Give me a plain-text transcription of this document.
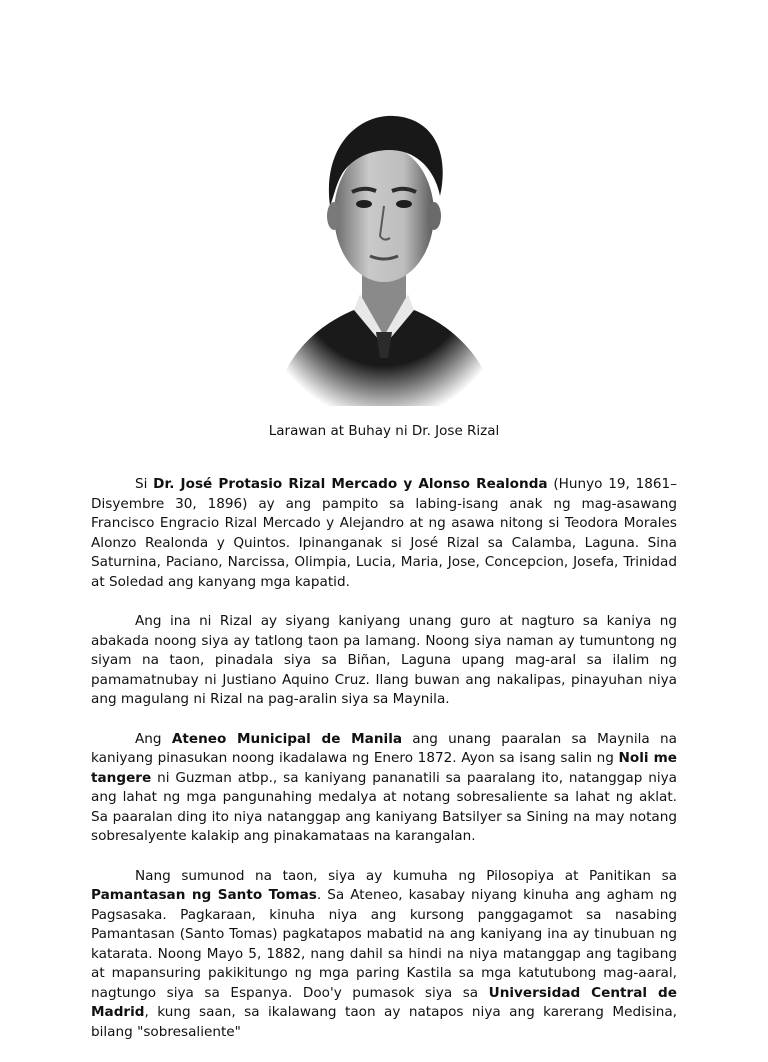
Larawan at Buhay ni Dr. Jose Rizal

Si Dr. José Protasio Rizal Mercado y Alonso Realonda (Hunyo 19, 1861–Disyembre 30, 1896) ay ang pampito sa labing-isang anak ng mag-asawang Francisco Engracio Rizal Mercado y Alejandro at ng asawa nitong si Teodora Morales Alonzo Realonda y Quintos. Ipinanganak si José Rizal sa Calamba, Laguna. Sina Saturnina, Paciano, Narcissa, Olimpia, Lucia, Maria, Jose, Concepcion, Josefa, Trinidad at Soledad ang kanyang mga kapatid.

Ang ina ni Rizal ay siyang kaniyang unang guro at nagturo sa kaniya ng abakada noong siya ay tatlong taon pa lamang. Noong siya naman ay tumuntong ng siyam na taon, pinadala siya sa Biñan, Laguna upang mag-aral sa ilalim ng pamamatnubay ni Justiano Aquino Cruz. Ilang buwan ang nakalipas, pinayuhan niya ang magulang ni Rizal na pag-aralin siya sa Maynila.

Ang Ateneo Municipal de Manila ang unang paaralan sa Maynila na kaniyang pinasukan noong ikadalawa ng Enero 1872. Ayon sa isang salin ng Noli me tangere ni Guzman atbp., sa kaniyang pananatili sa paaralang ito, natanggap niya ang lahat ng mga pangunahing medalya at notang sobresaliente sa lahat ng aklat. Sa paaralan ding ito niya natanggap ang kaniyang Batsilyer sa Sining na may notang sobresalyente kalakip ang pinakamataas na karangalan.

Nang sumunod na taon, siya ay kumuha ng Pilosopiya at Panitikan sa Pamantasan ng Santo Tomas. Sa Ateneo, kasabay niyang kinuha ang agham ng Pagsasaka. Pagkaraan, kinuha niya ang kursong panggagamot sa nasabing Pamantasan (Santo Tomas) pagkatapos mabatid na ang kaniyang ina ay tinubuan ng katarata. Noong Mayo 5, 1882, nang dahil sa hindi na niya matanggap ang tagibang at mapansuring pakikitungo ng mga paring Kastila sa mga katutubong mag-aaral, nagtungo siya sa Espanya. Doo'y pumasok siya sa Universidad Central de Madrid, kung saan, sa ikalawang taon ay natapos niya ang karerang Medisina, bilang "sobresaliente"
